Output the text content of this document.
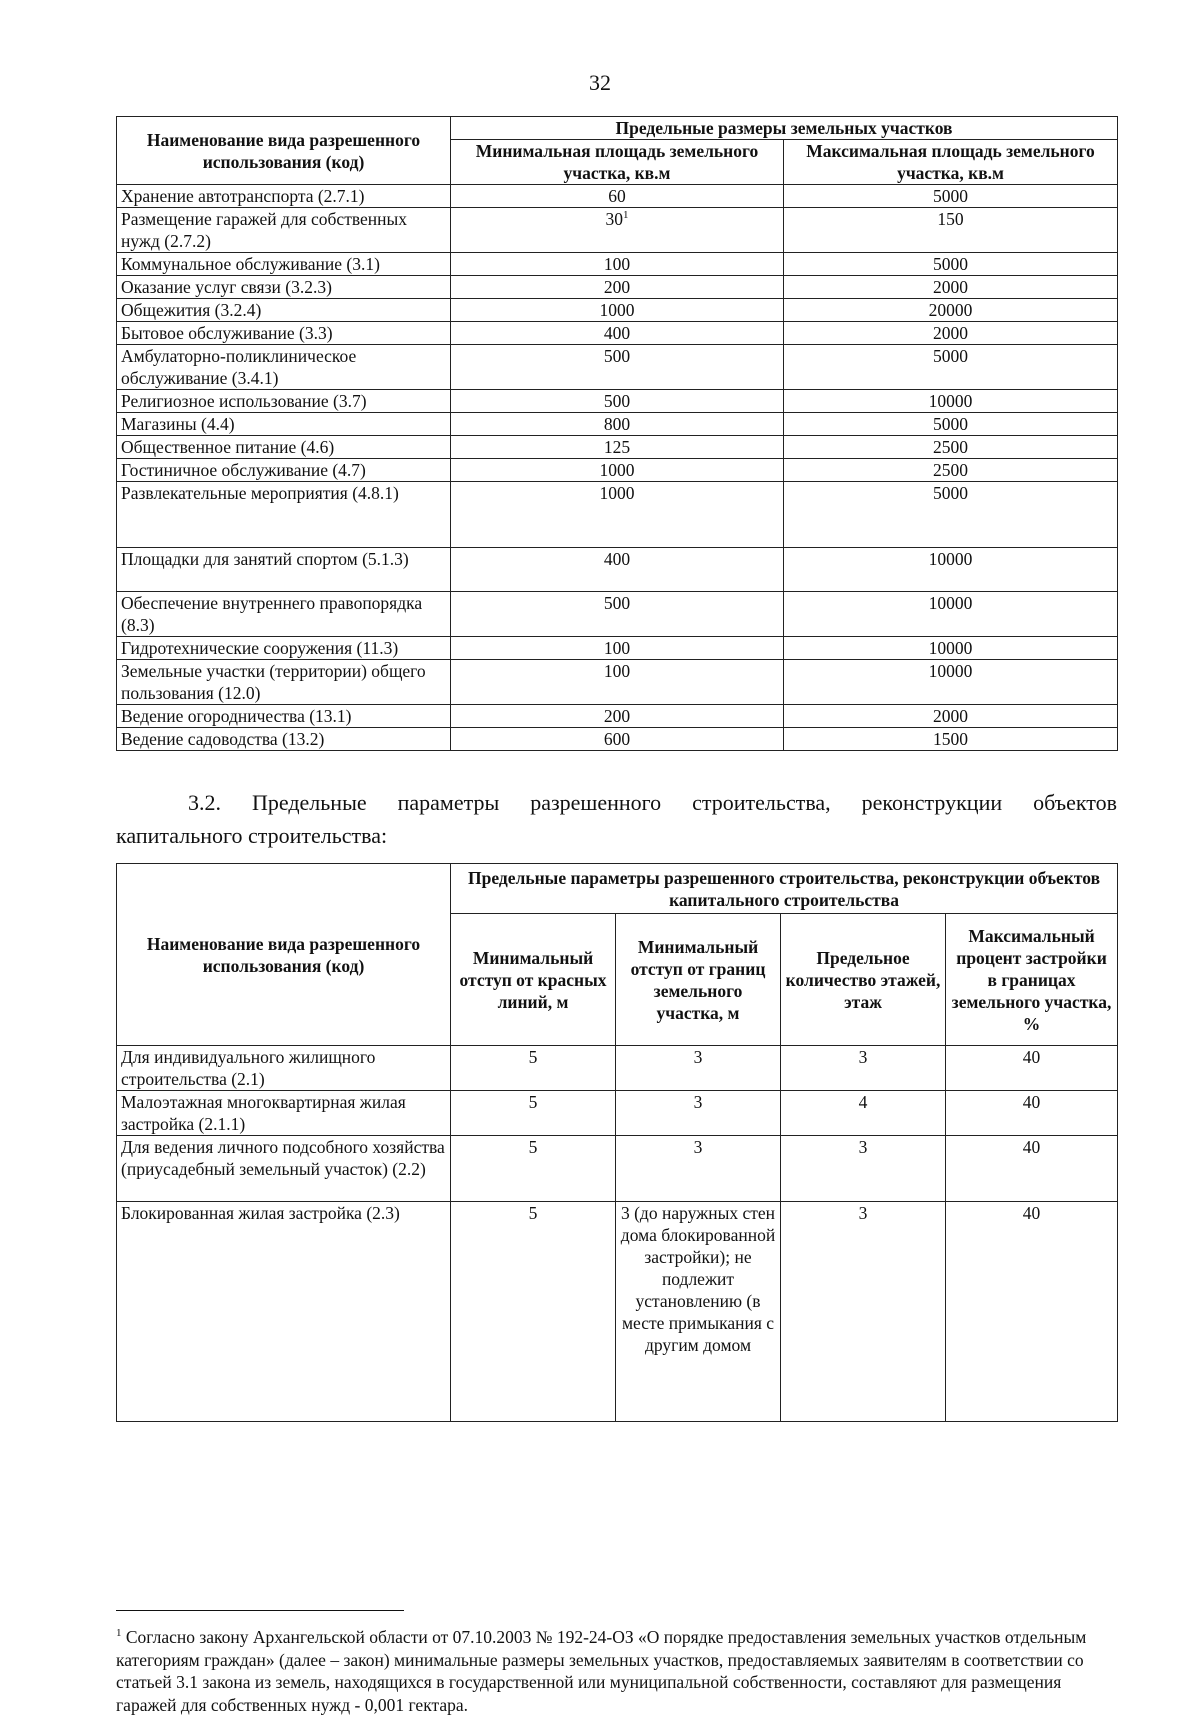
32
Наименование вида разрешенного использования (код)	Предельные размеры земельных участков	
	Минимальная площадь земельного участка, кв.м	Максимальная площадь земельного участка, кв.м
Хранение автотранспорта (2.7.1)	60	5000
Размещение гаражей для собственных нужд (2.7.2)	$30^1$	150
Коммунальное обслуживание (3.1)	100	5000
Оказание услуг связи (3.2.3)	200	2000
Общежития (3.2.4)	1000	20000
Бытовое обслуживание (3.3)	400	2000
Амбулаторно-поликлиническое обслуживание (3.4.1)	500	5000
Религиозное использование (3.7)	500	10000
Магазины (4.4)	800	5000
Общественное питание (4.6)	125	2500
Гостиничное обслуживание (4.7)	1000	2500
Развлекательные мероприятия (4.8.1)	1000	5000
Площадки для занятий спортом (5.1.3)	400	10000
Обеспечение внутреннего правопорядка (8.3)	500	10000
Гидротехнические сооружения (11.3)	100	10000
Земельные участки (территории) общего пользования (12.0)	100	10000
Ведение огородничества (13.1)	200	2000
Ведение садоводства (13.2)	600	1500
3.2. Предельные параметры разрешенного строительства, реконструкции объектов
капитального строительства:
Наименование вида разрешенного использования (код)	Предельные параметры разрешенного строительства, реконструкции объектов капитального строительства			
	Минимальный отступ от красных линий, м	Минимальный отступ от границ земельного участка, м	Предельное количество этажей, этаж	Максимальный процент застройки в границах земельного участка, %
Для индивидуального жилищного строительства (2.1)	5	3	3	40
Малоэтажная многоквартирная жилая застройка (2.1.1)	5	3	4	40
Для ведения личного подсобного хозяйства (приусадебный земельный участок) (2.2)	5	3	3	40
Блокированная жилая застройка (2.3)	5	3 (до наружных стен дома блокированной застройки); не подлежит установлению (в месте примыкания с другим домом	3	40
$^1$ Согласно закону Архангельской области от 07.10.2003 № 192-24-ОЗ «О порядке предоставления земельных участков отдельным категориям граждан» (далее – закон) минимальные размеры земельных участков, предоставляемых заявителям в соответствии со статьей 3.1 закона из земель, находящихся в государственной или муниципальной собственности, составляют для размещения гаражей для собственных нужд - 0,001 гектара.
